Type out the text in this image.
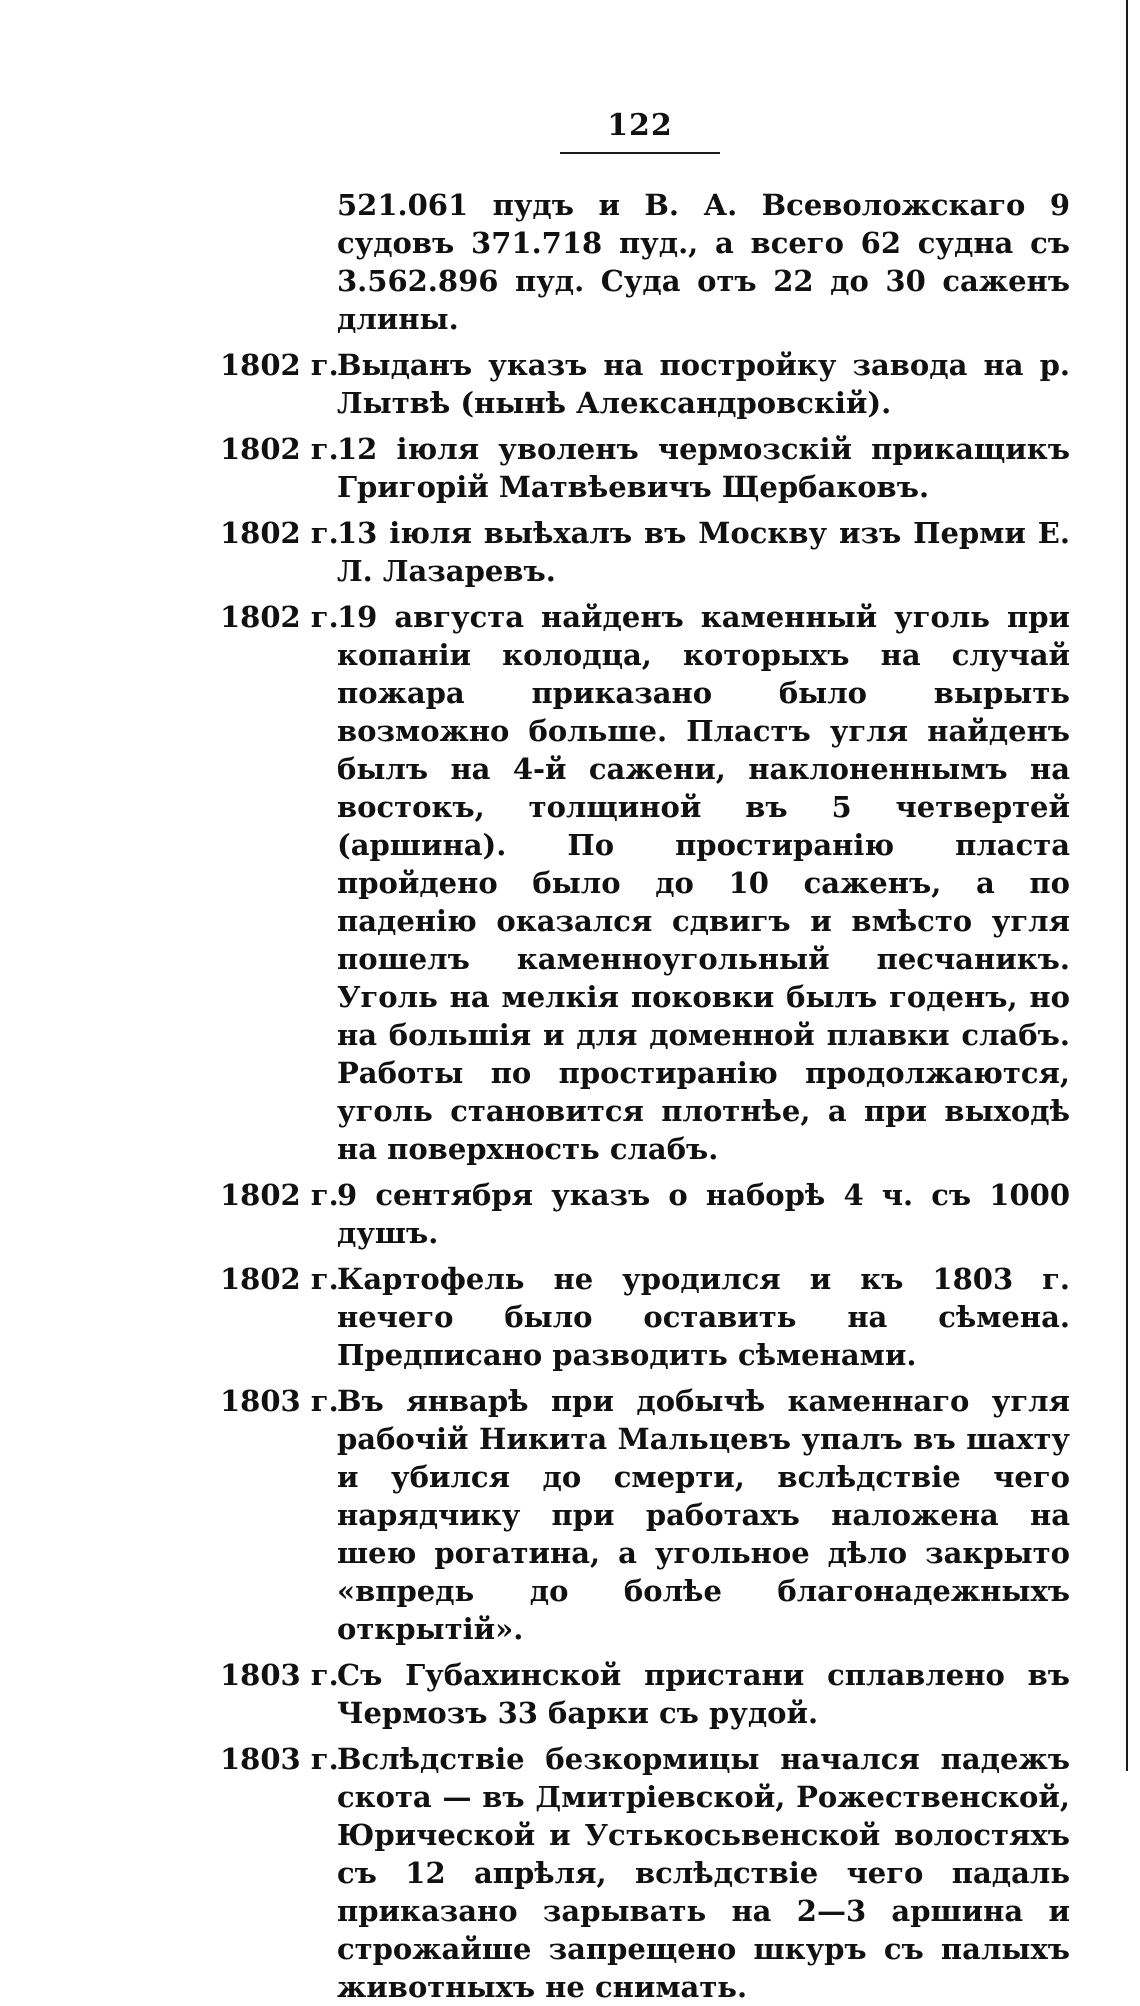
122
521.061 пудъ и В. А. Всеволожскаго 9 судовъ 371.718 пуд., а всего 62 судна съ 3.562.896 пуд. Суда отъ 22 до 30 саженъ длины.
1802 г.
Выданъ указъ на постройку завода на р. Лытвѣ (нынѣ Александровскій).
1802 г.
12 іюля уволенъ чермозскій прикащикъ Григорій Матвѣевичъ Щербаковъ.
1802 г.
13 іюля выѣхалъ въ Москву изъ Перми Е. Л. Лазаревъ.
1802 г.
19 августа найденъ каменный уголь при копаніи колодца, которыхъ на случай пожара приказано было вырыть возможно больше. Пластъ угля найденъ былъ на 4-й сажени, наклоненнымъ на востокъ, толщиной въ 5 четвертей (аршина). По простиранію пласта пройдено было до 10 саженъ, а по паденію оказался сдвигъ и вмѣсто угля пошелъ каменноугольный песчаникъ. Уголь на мелкія поковки былъ годенъ, но на большія и для доменной плавки слабъ. Работы по простиранію продолжаются, уголь становится плотнѣе, а при выходѣ на поверхность слабъ.
1802 г.
9 сентября указъ о наборѣ 4 ч. съ 1000 душъ.
1802 г.
Картофель не уродился и къ 1803 г. нечего было оставить на сѣмена. Предписано разводить сѣменами.
1803 г.
Въ январѣ при добычѣ каменнаго угля рабочій Никита Мальцевъ упалъ въ шахту и убился до смерти, вслѣдствіе чего нарядчику при работахъ наложена на шею рогатина, а угольное дѣло закрыто «впредь до болѣе благонадежныхъ открытій».
1803 г.
Съ Губахинской пристани сплавлено въ Чермозъ 33 барки съ рудой.
1803 г.
Вслѣдствіе безкормицы начался падежъ скота — въ Дмитріевской, Рожественской, Юричеcкой и Устькосьвенской волостяхъ съ 12 апрѣля, вслѣдствіе чего падаль приказано зарывать на 2—3 аршина и строжайше запрещено шкуръ съ палыхъ животныхъ не снимать.
